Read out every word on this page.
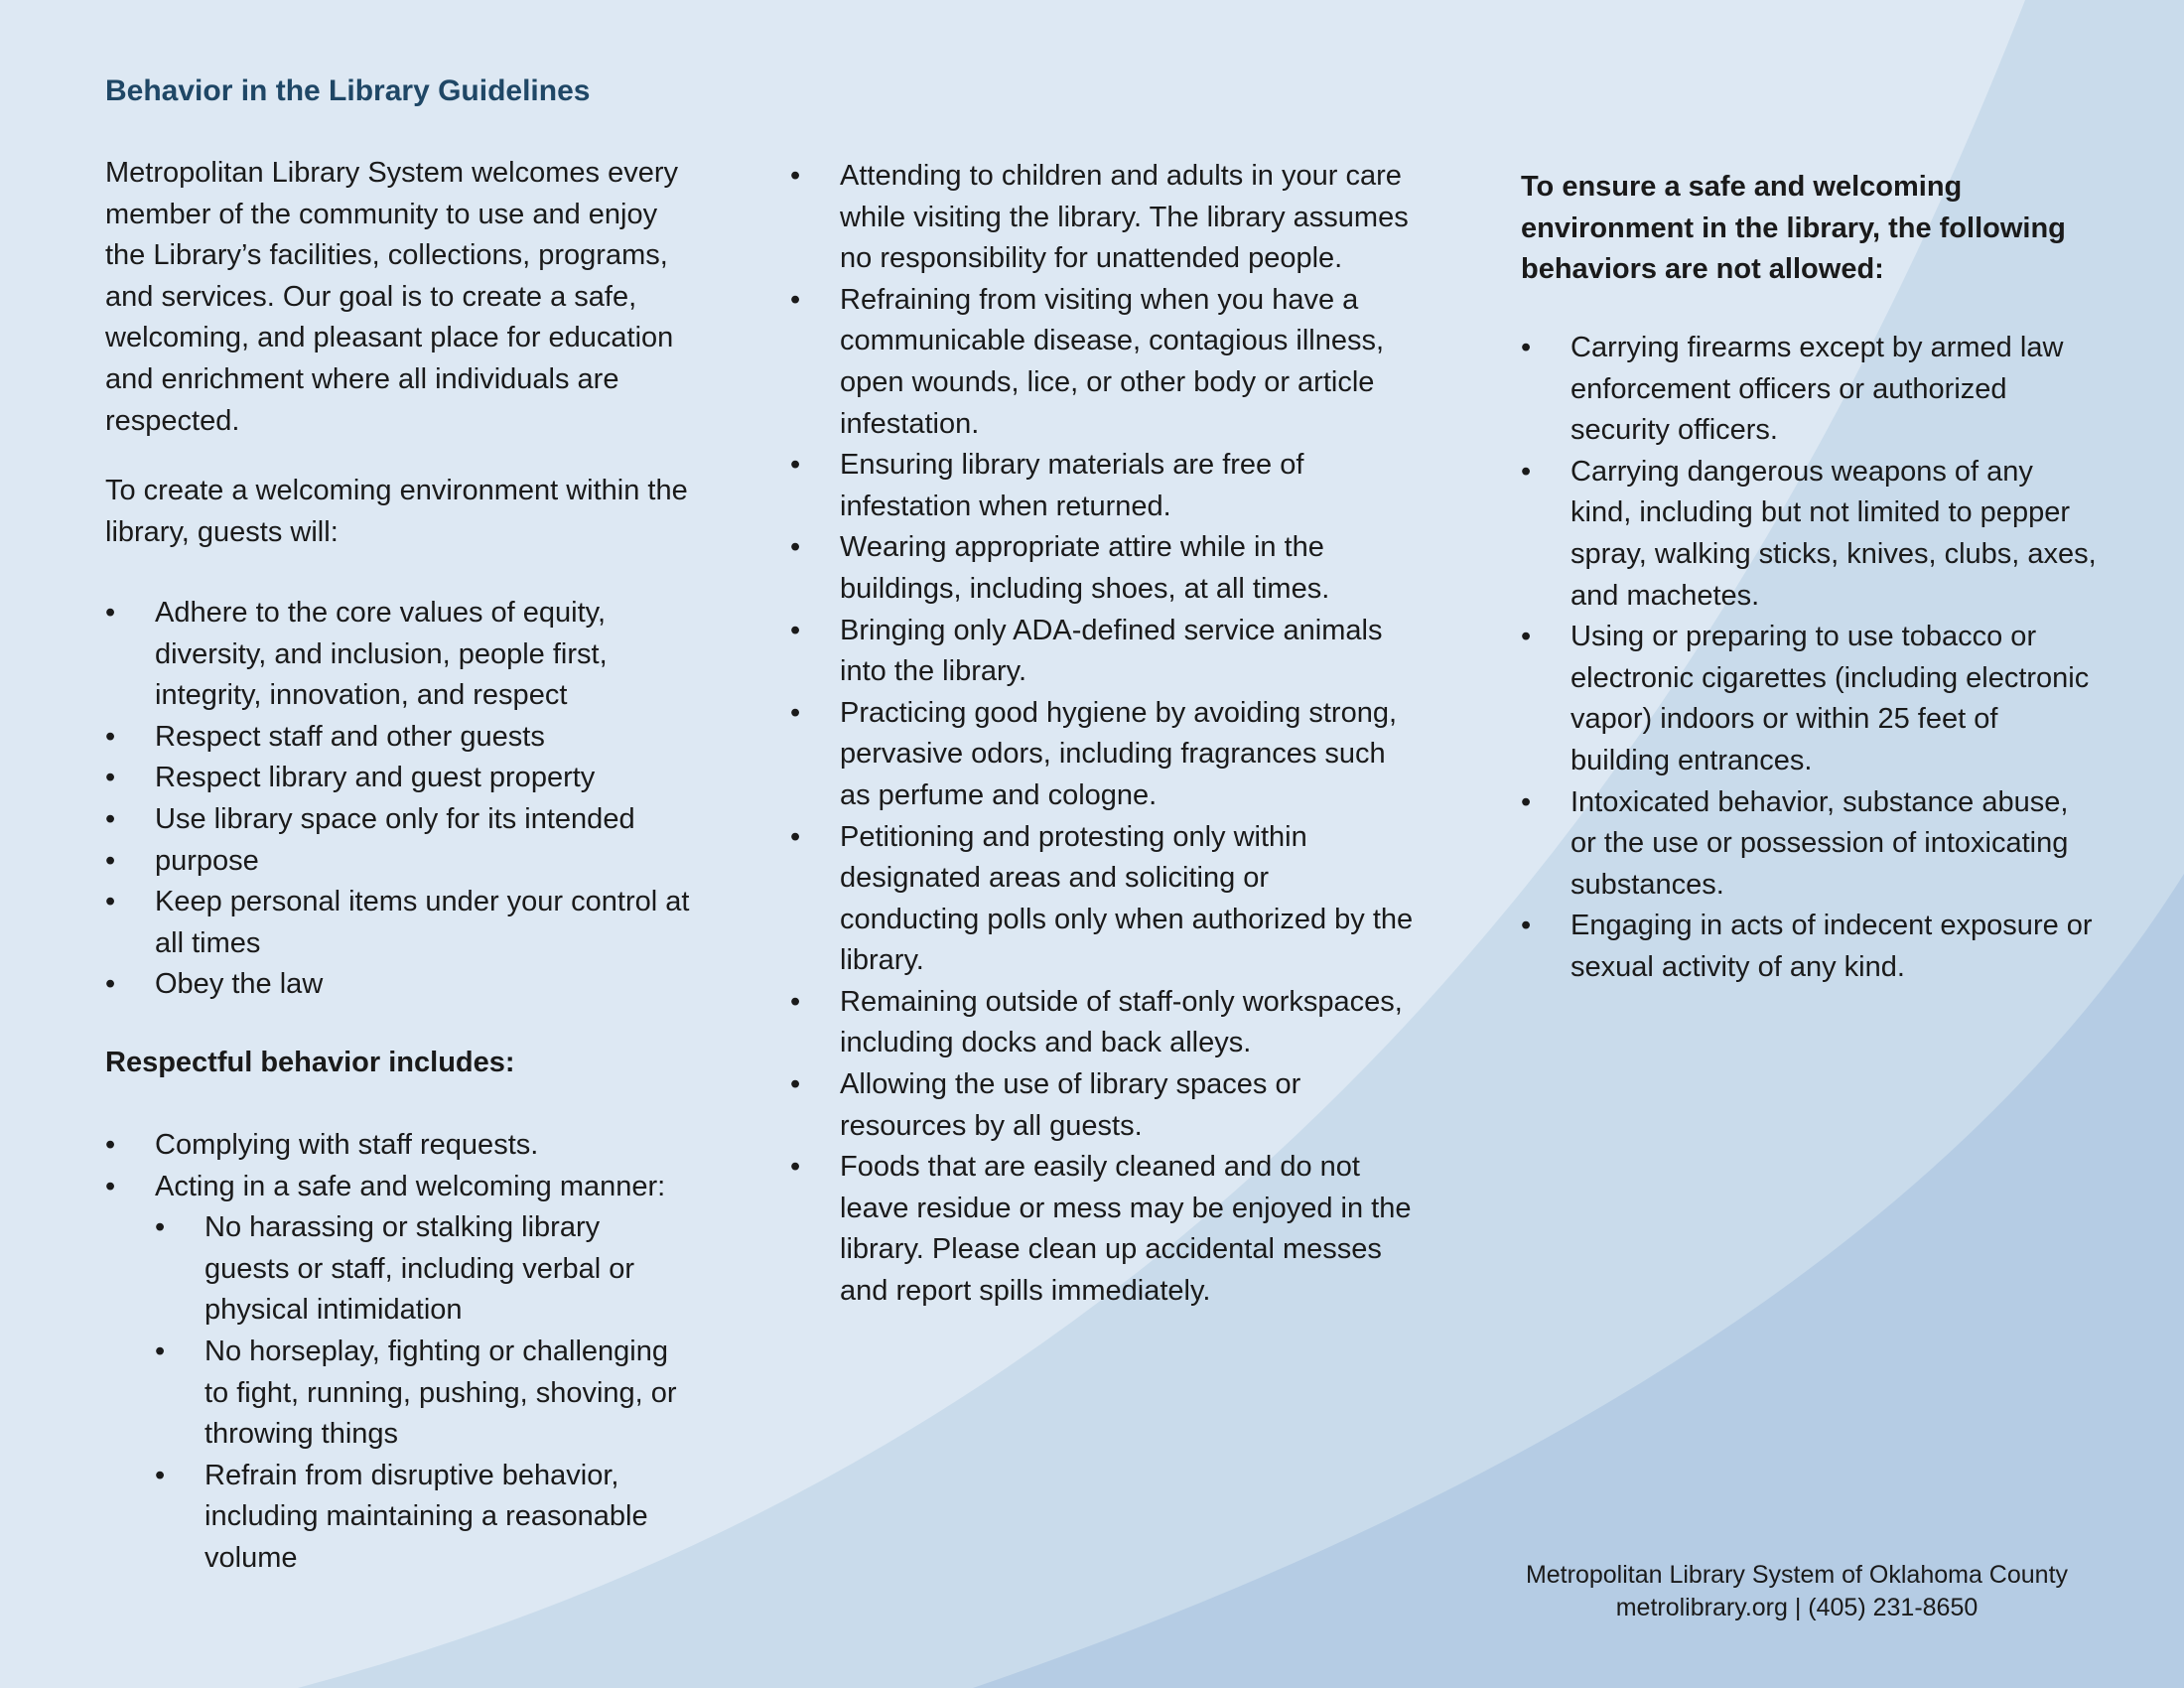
Behavior in the Library Guidelines

Metropolitan Library System welcomes every member of the community to use and enjoy the Library’s facilities, collections, programs, and services. Our goal is to create a safe, welcoming, and pleasant place for education and enrichment where all individuals are respected.

To create a welcoming environment within the library, guests will:

• Adhere to the core values of equity, diversity, and inclusion, people first, integrity, innovation, and respect
• Respect staff and other guests
• Respect library and guest property
• Use library space only for its intended
• purpose
• Keep personal items under your control at all times
• Obey the law

Respectful behavior includes:

• Complying with staff requests.
• Acting in a safe and welcoming manner:
• No harassing or stalking library guests or staff, including verbal or physical intimidation
• No horseplay, fighting or challenging to fight, running, pushing, shoving, or throwing things
• Refrain from disruptive behavior, including maintaining a reasonable volume
• Attending to children and adults in your care while visiting the library. The library assumes no responsibility for unattended people.
• Refraining from visiting when you have a communicable disease, contagious illness, open wounds, lice, or other body or article infestation.
• Ensuring library materials are free of infestation when returned.
• Wearing appropriate attire while in the buildings, including shoes, at all times.
• Bringing only ADA-defined service animals into the library.
• Practicing good hygiene by avoiding strong, pervasive odors, including fragrances such as perfume and cologne.
• Petitioning and protesting only within designated areas and soliciting or conducting polls only when authorized by the library.
• Remaining outside of staff-only workspaces, including docks and back alleys.
• Allowing the use of library spaces or resources by all guests.
• Foods that are easily cleaned and do not leave residue or mess may be enjoyed in the library. Please clean up accidental messes and report spills immediately.

To ensure a safe and welcoming environment in the library, the following behaviors are not allowed:

• Carrying firearms except by armed law enforcement officers or authorized security officers.
• Carrying dangerous weapons of any kind, including but not limited to pepper spray, walking sticks, knives, clubs, axes, and machetes.
• Using or preparing to use tobacco or electronic cigarettes (including electronic vapor) indoors or within 25 feet of building entrances.
• Intoxicated behavior, substance abuse, or the use or possession of intoxicating substances.
• Engaging in acts of indecent exposure or sexual activity of any kind.
Metropolitan Library System of Oklahoma County
metrolibrary.org | (405) 231-8650
